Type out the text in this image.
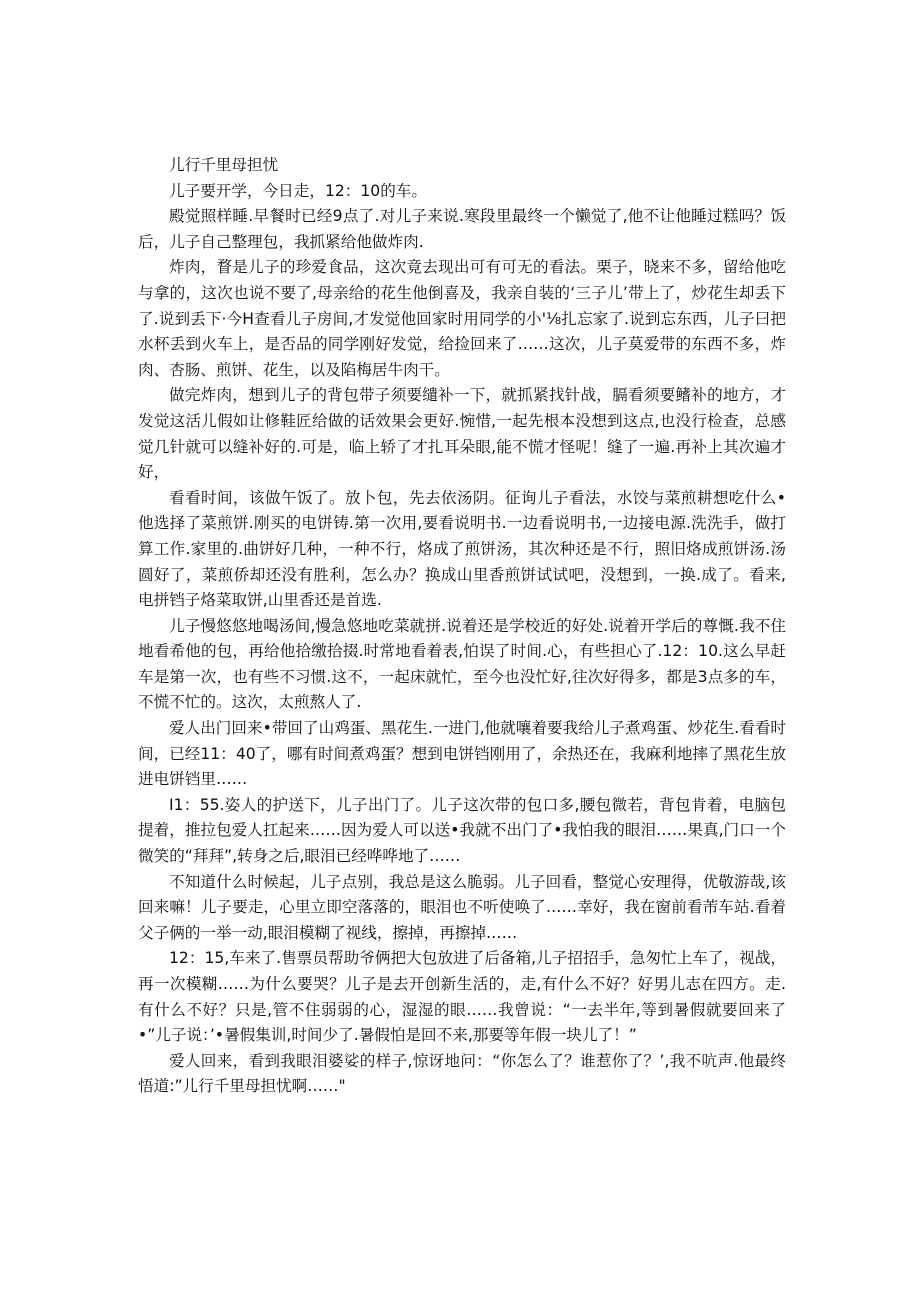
儿行千里母担忧

儿子要开学，今日走，12：10的车。

殿觉照样睡.早餐时已经9点了.对儿子来说.寒段里最终一个懒觉了,他不让他睡过糕吗？饭后，儿子自己整理包，我抓紧给他做炸肉.

炸肉，瞀是儿子的珍爱食品，这次竟去现出可有可无的看法。栗子，晓来不多，留给他吃与拿的，这次也说不要了,母亲给的花生他倒喜及，我亲自装的‘三子儿’带上了，炒花生却丢下了.说到丢下·今H查看儿子房间,才发觉他回家时用同学的小'⅛扎忘家了.说到忘东西，儿子曰把水杯丢到火车上，是否品的同学刚好发觉，给捡回来了……这次，儿子莫爱带的东西不多，炸肉、杏肠、煎饼、花生，以及陷梅居牛肉干。

做完炸肉，想到儿子的背包带子须要缱补一下，就抓紧找针战，膈看须要鳍补的地方，才发觉这活儿假如让修鞋匠给做的话效果会更好.惋惜,一起先根本没想到这点,也没行检查，总感觉几针就可以缝补好的.可是，临上轿了才扎耳朵眼,能不慌才怪呢！缝了一遍.再补上其次遍才好，

看看时间，该做午饭了。放卜包，先去依汤阴。征询儿子看法，水饺与菜煎耕想吃什么•他选择了菜煎饼.刚买的电饼铸.第一次用,要看说明书.一边看说明书,一边接电源.洗洗手，做打算工作.家里的.曲饼好几种，一种不行，烙成了煎饼汤，其次种还是不行，照旧烙成煎饼汤.汤圆好了，菜煎侨却还没有胜利，怎么办？换成山里香煎饼试试吧，没想到，一换.成了。看来,电拼铛子烙菜取饼,山里香还是首选.

儿子慢悠悠地喝汤间,慢急悠地吃菜就拼.说着还是学校近的好处.说着开学后的尊慨.我不住地看希他的包，再给他拾缴拾掇.时常地看着表,怕误了时间.心，有些担心了.12：10.这么早赶车是第一次，也有些不习惯.这不，一起床就忙，至今也没忙好,往次好得多，都是3点多的车，不慌不忙的。这次，太煎熬人了.

爱人出门回来•带回了山鸡蛋、黑花生.一进门,他就嚷着要我给儿子煮鸡蛋、炒花生.看看时间，已经11：40了，哪有时间煮鸡蛋？想到电饼铛刚用了，余热还在，我麻利地摔了黑花生放进电饼铛里……

I1：55.姿人的护送下，儿子出门了。儿子这次带的包口多,腰包微若，背包肯着，电脑包提着，推拉包爱人扛起来……因为爱人可以送•我就不出门了•我怕我的眼泪……果真,门口一个微笑的“拜拜”,转身之后,眼泪已经哗哗地了……

不知道什么时候起，儿子点别，我总是这么脆弱。儿子回看，整觉心安理得，优敬游哉,该回来嘛！儿子要走，心里立即空落落的，眼泪也不听使唤了……幸好，我在窗前看芾车站.看着父子俩的一举一动,眼泪模糊了视线，擦掉，再擦掉……

12：15,车来了.售票员帮助爷俩把大包放进了后备箱,儿子招招手，急匆忙上车了，视战，再一次模糊……为什么要哭？儿子是去开创新生活的，走,有什么不好？好男儿志在四方。走.有什么不好？只是,管不住弱弱的心，湿湿的眼……我曾说：“一去半年,等到暑假就要回来了•”儿子说：’•暑假集训,时间少了.暑假怕是回不来,那要等年假一块儿了！”

爱人回来，看到我眼泪婆娑的样子,惊讶地问：“你怎么了？谁惹你了？’,我不吭声.他最终悟道:”儿行千里母担忧啊……"
